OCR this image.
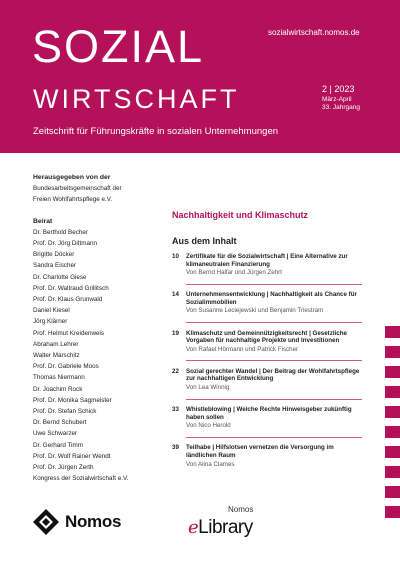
SOZIAL
WIRTSCHAFT
sozialwirtschaft.nomos.de
2 | 2023
März-April
33. Jahrgang
Zeitschrift für Führungskräfte in sozialen Unternehmungen
Herausgegeben von der
Bundesarbeitsgemeinschaft der
Freien Wohlfahrtspflege e.V.
Beirat
Dr. Berthold Becher
Prof. Dr. Jörg Dittmann
Brigitte Döcker
Sandra Eischer
Dr. Charlotte Giese
Prof. Dr. Waltraud Grillitsch
Prof. Dr. Klaus Grunwald
Daniel Kiesel
Jörg Klärner
Prof. Helmut Kreidenweis
Abraham Lehrer
Walter Marschitz
Prof. Dr. Gabriele Moos
Thomas Niermann
Dr. Joachim Rock
Prof. Dr. Monika Sagmeister
Prof. Dr. Stefan Schick
Dr. Bernd Schubert
Uwe Schwarzer
Dr. Gerhard Timm
Prof. Dr. Wolf Rainer Wendt
Prof. Dr. Jürgen Zerth
Kongress der Sozialwirtschaft e.V.
Nachhaltigkeit und Klimaschutz
Aus dem Inhalt
10	Zertifikate für die Sozialwirtschaft | Eine Alternative zur klimaneutralen Finanzierung
Von Bernd Halfar und Jürgen Zehrt
14	Unternehmensentwicklung | Nachhaltigkeit als Chance für Sozialimmobilien
Von Susanne Leciejewski und Benjamin Triestram
19	Klimaschutz und Gemeinnützigkeitsrecht | Gesetzliche Vorgaben für nachhaltige Projekte und Investitionen
Von Rafael Hörmann und Patrick Fischer
22	Sozial gerechter Wandel | Der Beitrag der Wohlfahrtspflege zur nachhaltigen Entwicklung
Von Lea Winnig
33	Whistleblowing | Welche Rechte Hinweisgeber zukünftig haben sollen
Von Nico Herold
39	Teilhabe | Hilfslotsen vernetzen die Versorgung im ländlichen Raum
Von Alina Clames
Nomos
Nomos
eLibrary
